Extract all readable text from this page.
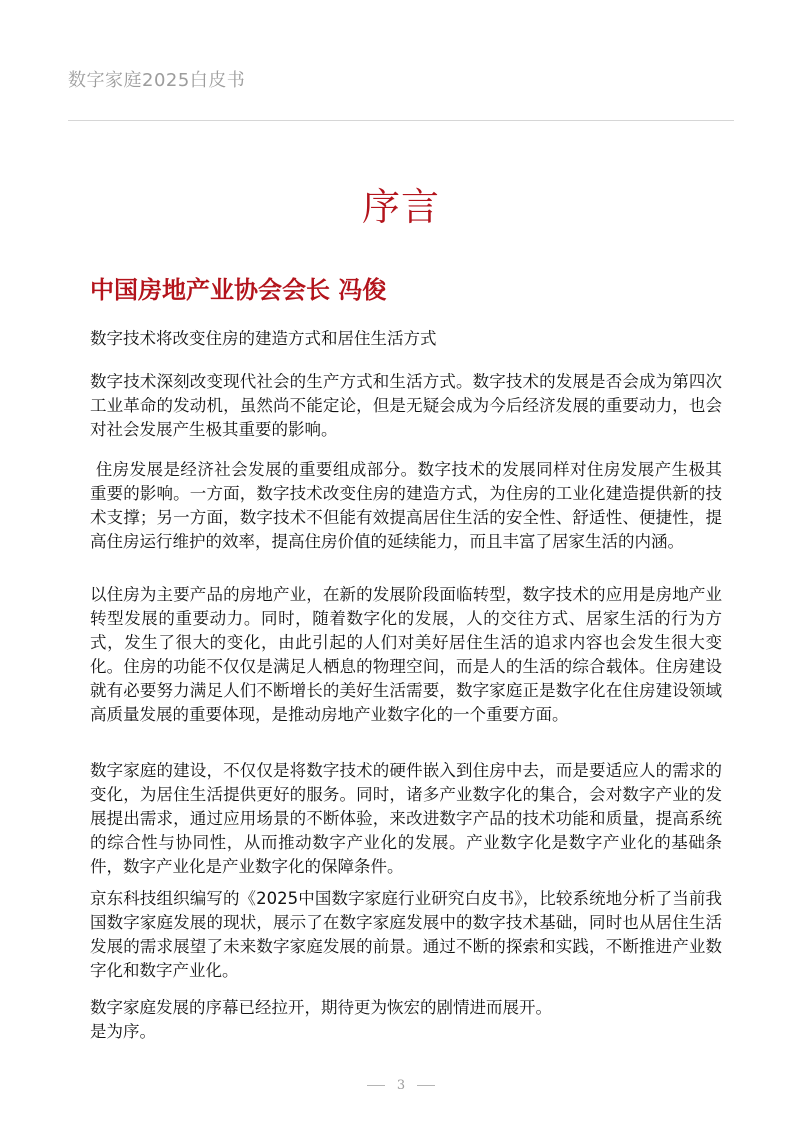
数字家庭2025白皮书
序言
中国房地产业协会会长 冯俊
数字技术将改变住房的建造方式和居住生活方式
数字技术深刻改变现代社会的生产方式和生活方式。数字技术的发展是否会成为第四次工业革命的发动机，虽然尚不能定论，但是无疑会成为今后经济发展的重要动力，也会对社会发展产生极其重要的影响。
住房发展是经济社会发展的重要组成部分。数字技术的发展同样对住房发展产生极其重要的影响。一方面，数字技术改变住房的建造方式，为住房的工业化建造提供新的技术支撑；另一方面，数字技术不但能有效提高居住生活的安全性、舒适性、便捷性，提高住房运行维护的效率，提高住房价值的延续能力，而且丰富了居家生活的内涵。
以住房为主要产品的房地产业，在新的发展阶段面临转型，数字技术的应用是房地产业转型发展的重要动力。同时，随着数字化的发展，人的交往方式、居家生活的行为方式，发生了很大的变化，由此引起的人们对美好居住生活的追求内容也会发生很大变化。住房的功能不仅仅是满足人栖息的物理空间，而是人的生活的综合载体。住房建设就有必要努力满足人们不断增长的美好生活需要，数字家庭正是数字化在住房建设领域高质量发展的重要体现，是推动房地产业数字化的一个重要方面。
数字家庭的建设，不仅仅是将数字技术的硬件嵌入到住房中去，而是要适应人的需求的变化，为居住生活提供更好的服务。同时，诸多产业数字化的集合，会对数字产业的发展提出需求，通过应用场景的不断体验，来改进数字产品的技术功能和质量，提高系统的综合性与协同性，从而推动数字产业化的发展。产业数字化是数字产业化的基础条件，数字产业化是产业数字化的保障条件。
京东科技组织编写的《2025中国数字家庭行业研究白皮书》，比较系统地分析了当前我国数字家庭发展的现状，展示了在数字家庭发展中的数字技术基础，同时也从居住生活发展的需求展望了未来数字家庭发展的前景。通过不断的探索和实践，不断推进产业数字化和数字产业化。
数字家庭发展的序幕已经拉开，期待更为恢宏的剧情进而展开。
是为序。
3
